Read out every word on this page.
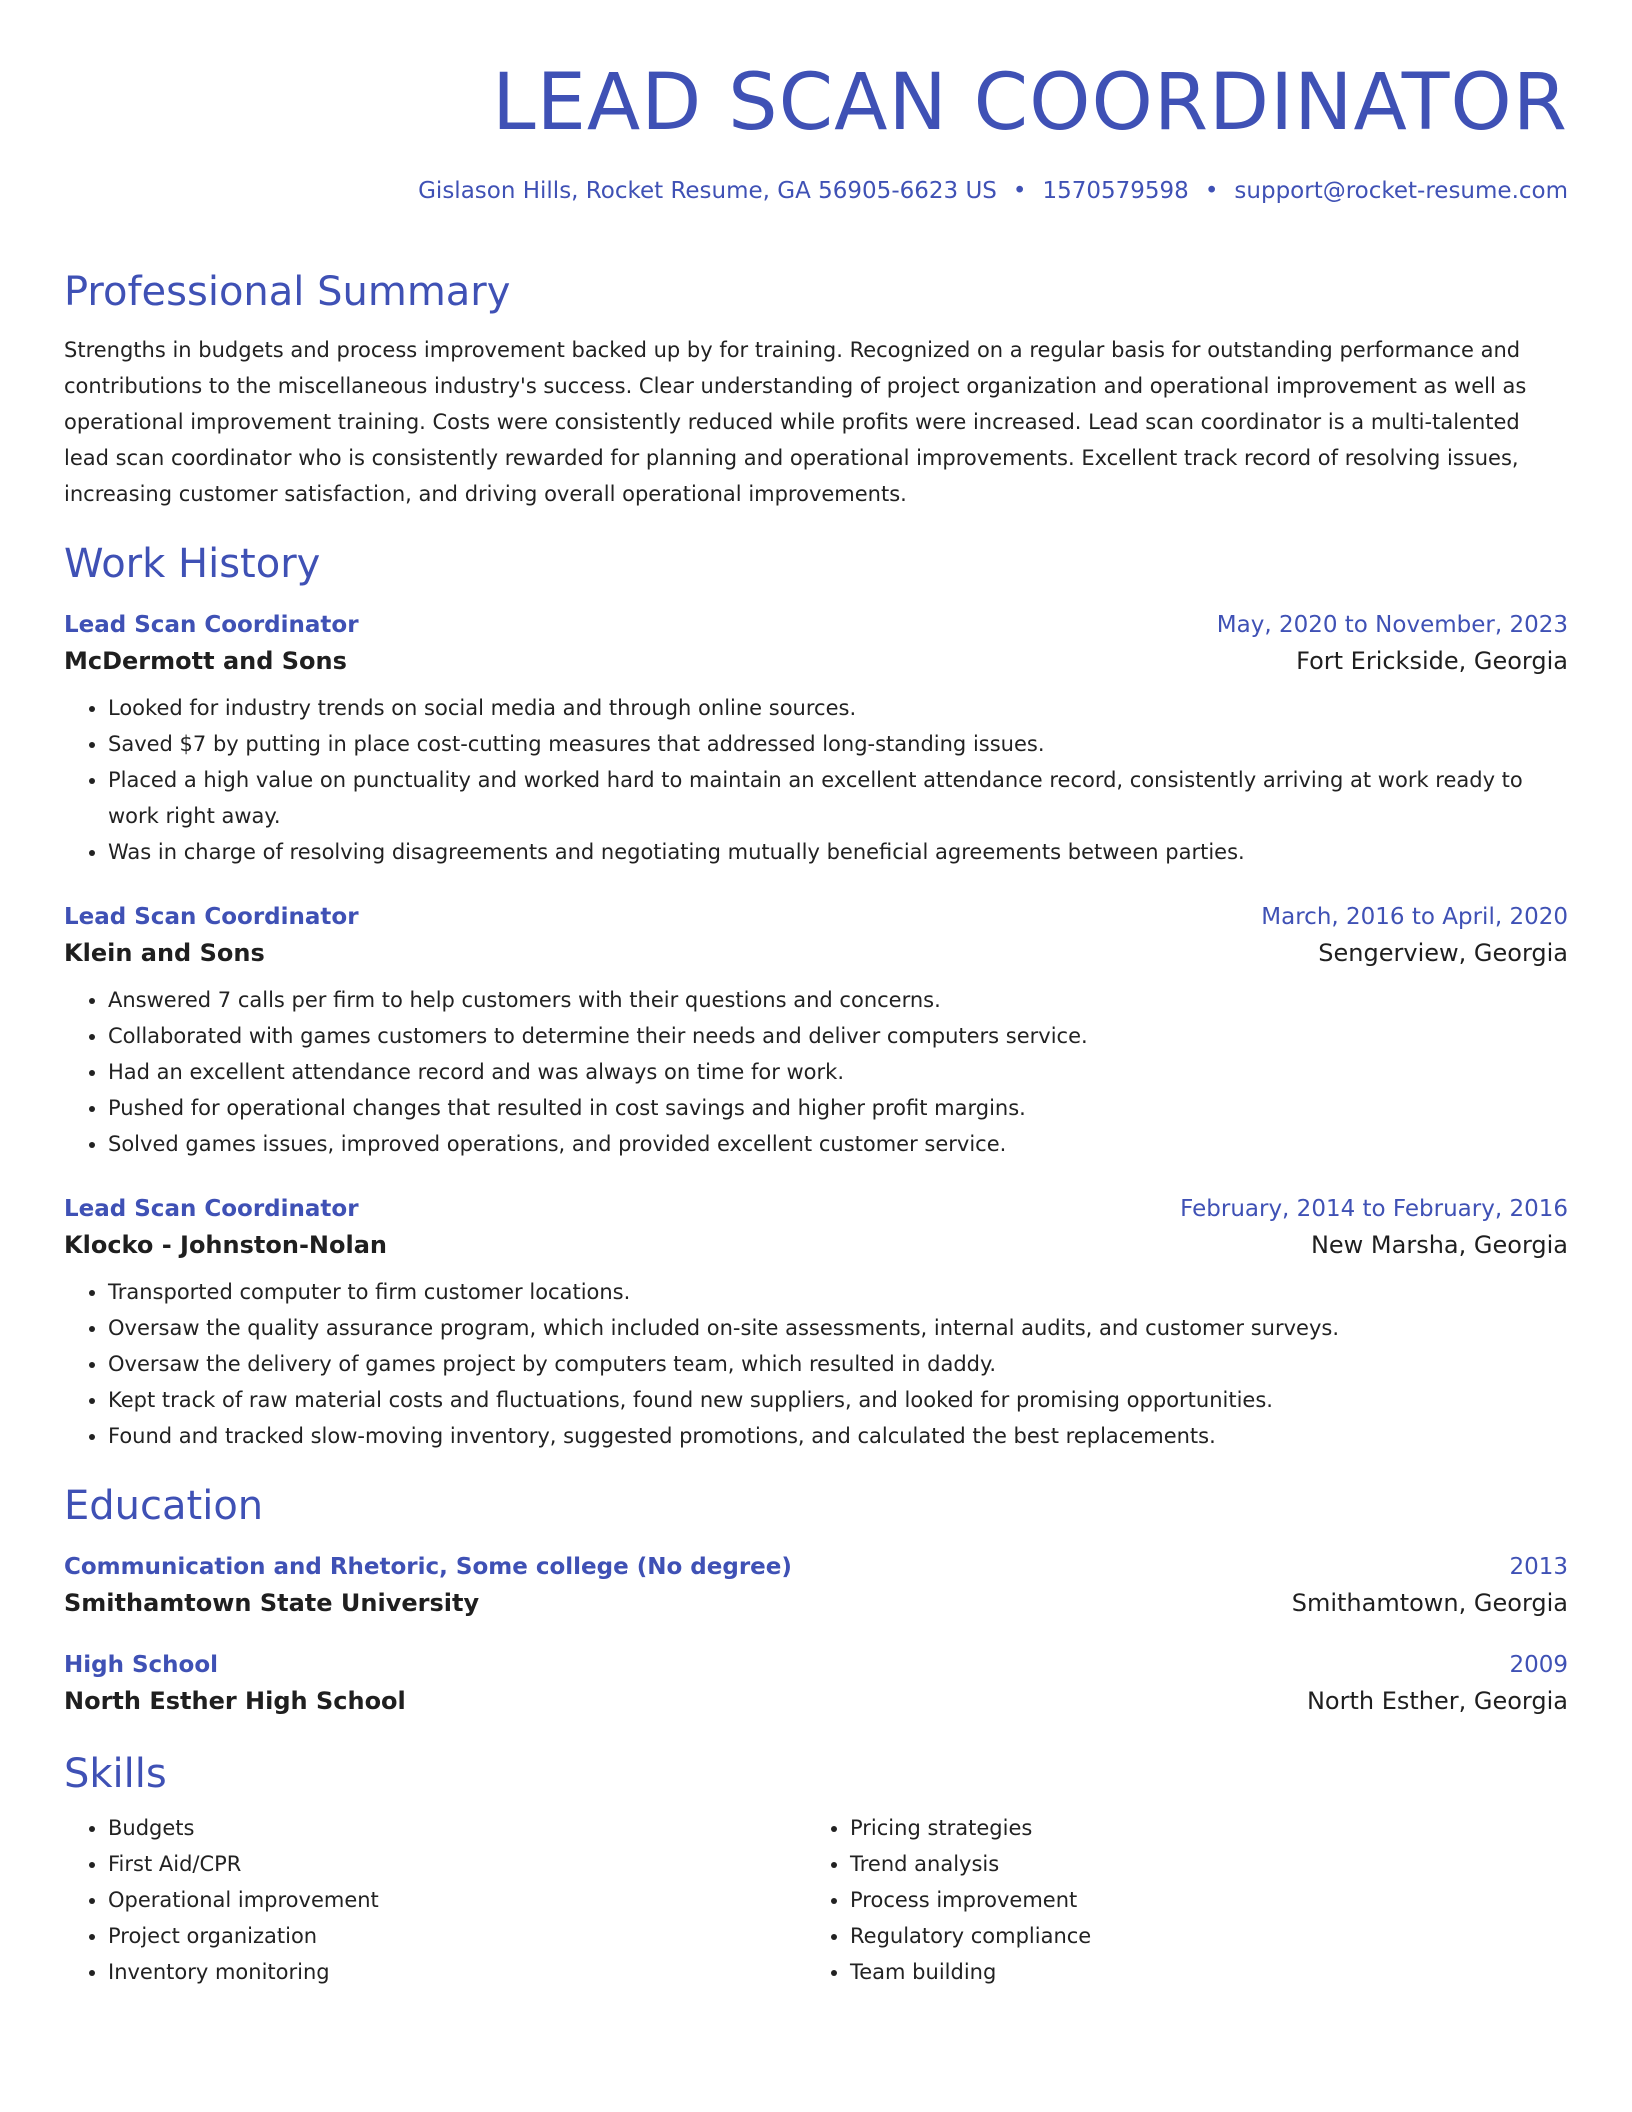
LEAD SCAN COORDINATOR
Gislason Hills, Rocket Resume, GA 56905-6623 US • 1570579598 • support@rocket-resume.com
Professional Summary
Strengths in budgets and process improvement backed up by for training. Recognized on a regular basis for outstanding performance and contributions to the miscellaneous industry's success. Clear understanding of project organization and operational improvement as well as operational improvement training. Costs were consistently reduced while profits were increased. Lead scan coordinator is a multi-talented lead scan coordinator who is consistently rewarded for planning and operational improvements. Excellent track record of resolving issues, increasing customer satisfaction, and driving overall operational improvements.
Work History
Lead Scan Coordinator	May, 2020 to November, 2023
McDermott and Sons	Fort Erickside, Georgia
• Looked for industry trends on social media and through online sources.
• Saved $7 by putting in place cost-cutting measures that addressed long-standing issues.
• Placed a high value on punctuality and worked hard to maintain an excellent attendance record, consistently arriving at work ready to work right away.
• Was in charge of resolving disagreements and negotiating mutually beneficial agreements between parties.
Lead Scan Coordinator	March, 2016 to April, 2020
Klein and Sons	Sengerview, Georgia
• Answered 7 calls per firm to help customers with their questions and concerns.
• Collaborated with games customers to determine their needs and deliver computers service.
• Had an excellent attendance record and was always on time for work.
• Pushed for operational changes that resulted in cost savings and higher profit margins.
• Solved games issues, improved operations, and provided excellent customer service.
Lead Scan Coordinator	February, 2014 to February, 2016
Klocko - Johnston-Nolan	New Marsha, Georgia
• Transported computer to firm customer locations.
• Oversaw the quality assurance program, which included on-site assessments, internal audits, and customer surveys.
• Oversaw the delivery of games project by computers team, which resulted in daddy.
• Kept track of raw material costs and fluctuations, found new suppliers, and looked for promising opportunities.
• Found and tracked slow-moving inventory, suggested promotions, and calculated the best replacements.
Education
Communication and Rhetoric, Some college (No degree)	2013
Smithamtown State University	Smithamtown, Georgia
High School	2009
North Esther High School	North Esther, Georgia
Skills
• Budgets
• First Aid/CPR
• Operational improvement
• Project organization
• Inventory monitoring
• Pricing strategies
• Trend analysis
• Process improvement
• Regulatory compliance
• Team building
